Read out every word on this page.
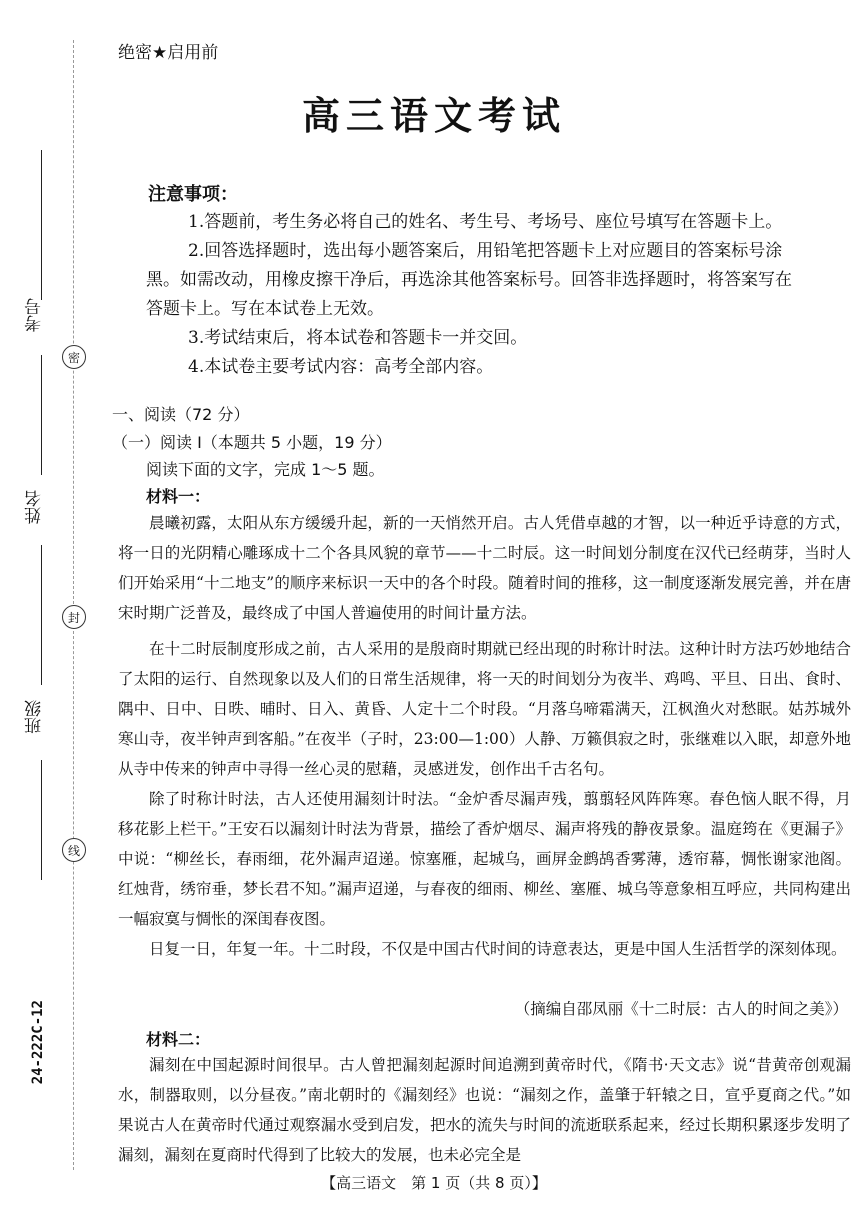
考号
姓名
班级
密
封
线
24-222C-12
绝密★启用前
高三语文考试
注意事项：

1.答题前，考生务必将自己的姓名、考生号、考场号、座位号填写在答题卡上。

2.回答选择题时，选出每小题答案后，用铅笔把答题卡上对应题目的答案标号涂

黑。如需改动，用橡皮擦干净后，再选涂其他答案标号。回答非选择题时，将答案写在

答题卡上。写在本试卷上无效。

3.考试结束后，将本试卷和答题卡一并交回。

4.本试卷主要考试内容：高考全部内容。

一、阅读（72 分）
（一）阅读 I（本题共 5 小题，19 分）
阅读下面的文字，完成 1～5 题。
材料一：

晨曦初露，太阳从东方缓缓升起，新的一天悄然开启。古人凭借卓越的才智，以一种近乎诗意的方式，将一日的光阴精心雕琢成十二个各具风貌的章节——十二时辰。这一时间划分制度在汉代已经萌芽，当时人们开始采用“十二地支”的顺序来标识一天中的各个时段。随着时间的推移，这一制度逐渐发展完善，并在唐宋时期广泛普及，最终成了中国人普遍使用的时间计量方法。

在十二时辰制度形成之前，古人采用的是殷商时期就已经出现的时称计时法。这种计时方法巧妙地结合了太阳的运行、自然现象以及人们的日常生活规律，将一天的时间划分为夜半、鸡鸣、平旦、日出、食时、隅中、日中、日昳、晡时、日入、黄昏、人定十二个时段。“月落乌啼霜满天，江枫渔火对愁眠。姑苏城外寒山寺，夜半钟声到客船。”在夜半（子时，23:00—1:00）人静、万籁俱寂之时，张继难以入眠，却意外地从寺中传来的钟声中寻得一丝心灵的慰藉，灵感迸发，创作出千古名句。

除了时称计时法，古人还使用漏刻计时法。“金炉香尽漏声残，翦翦轻风阵阵寒。春色恼人眠不得，月移花影上栏干。”王安石以漏刻计时法为背景，描绘了香炉烟尽、漏声将残的静夜景象。温庭筠在《更漏子》中说：“柳丝长，春雨细，花外漏声迢递。惊塞雁，起城乌，画屏金鹧鸪香雾薄，透帘幕，惆怅谢家池阁。红烛背，绣帘垂，梦长君不知。”漏声迢递，与春夜的细雨、柳丝、塞雁、城乌等意象相互呼应，共同构建出一幅寂寞与惆怅的深闺春夜图。

日复一日，年复一年。十二时段，不仅是中国古代时间的诗意表达，更是中国人生活哲学的深刻体现。

（摘编自邵凤丽《十二时辰：古人的时间之美》）
材料二：

漏刻在中国起源时间很早。古人曾把漏刻起源时间追溯到黄帝时代，《隋书·天文志》说“昔黄帝创观漏水，制器取则，以分昼夜。”南北朝时的《漏刻经》也说：“漏刻之作，盖肇于轩辕之日，宣乎夏商之代。”如果说古人在黄帝时代通过观察漏水受到启发，把水的流失与时间的流逝联系起来，经过长期积累逐步发明了漏刻，漏刻在夏商时代得到了比较大的发展，也未必完全是

【高三语文　第 1 页（共 8 页）】
